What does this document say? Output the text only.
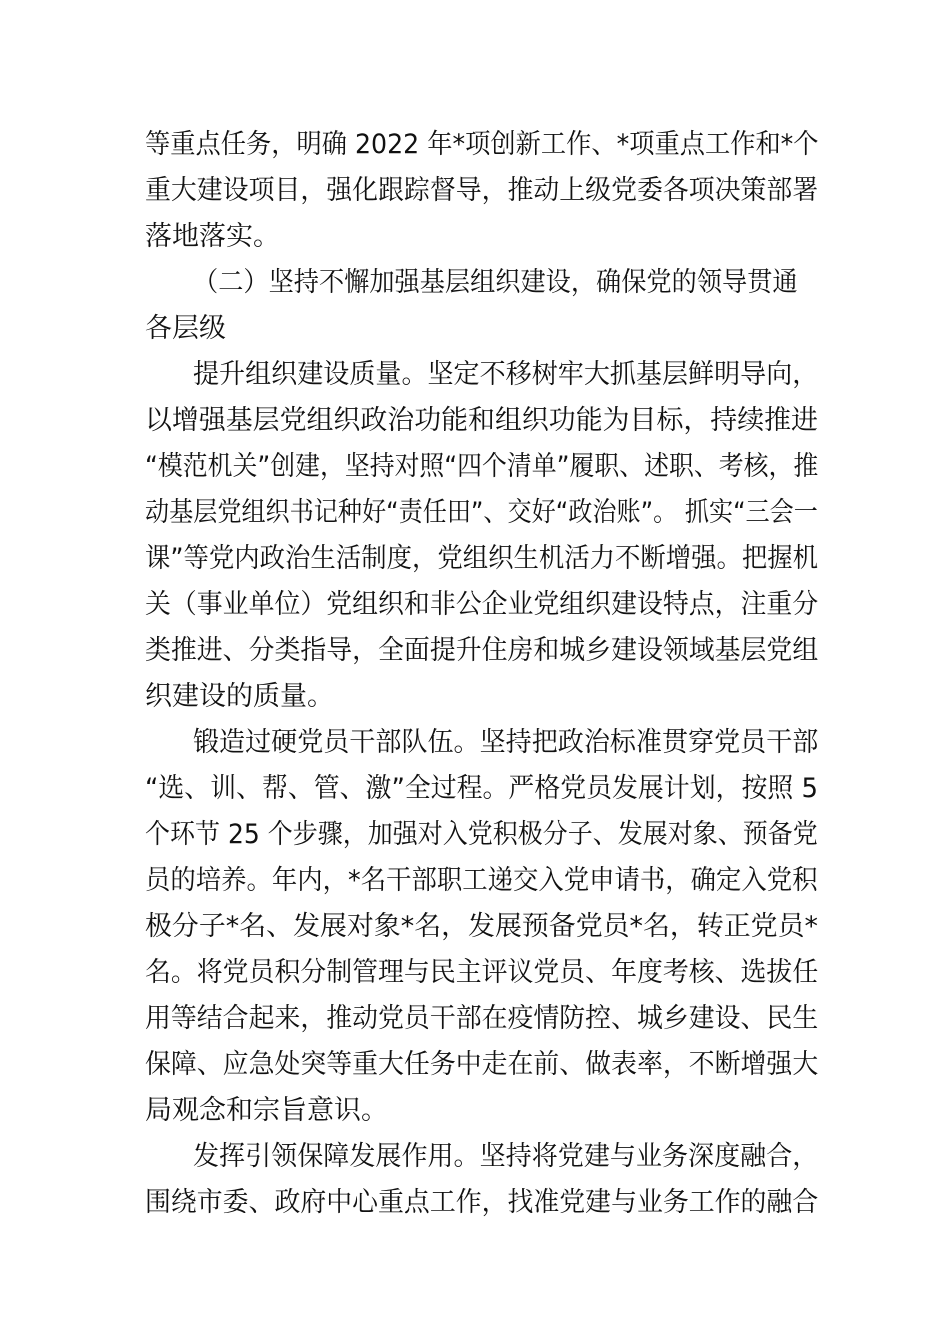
等重点任务，明确 2022 年*项创新工作、*项重点工作和*个
重大建设项目，强化跟踪督导，推动上级党委各项决策部署
落地落实。
（二）坚持不懈加强基层组织建设，确保党的领导贯通
各层级
提升组织建设质量。坚定不移树牢大抓基层鲜明导向，
以增强基层党组织政治功能和组织功能为目标，持续推进
“模范机关”创建，坚持对照“四个清单”履职、述职、考核，推
动基层党组织书记种好“责任田”、交好“政治账”。 抓实“三会一
课”等党内政治生活制度，党组织生机活力不断增强。把握机
关（事业单位）党组织和非公企业党组织建设特点，注重分
类推进、分类指导，全面提升住房和城乡建设领域基层党组
织建设的质量。
锻造过硬党员干部队伍。坚持把政治标准贯穿党员干部
“选、训、帮、管、激”全过程。严格党员发展计划，按照 5
个环节 25 个步骤，加强对入党积极分子、发展对象、预备党
员的培养。年内，*名干部职工递交入党申请书，确定入党积
极分子*名、发展对象*名，发展预备党员*名，转正党员*
名。将党员积分制管理与民主评议党员、年度考核、选拔任
用等结合起来，推动党员干部在疫情防控、城乡建设、民生
保障、应急处突等重大任务中走在前、做表率，不断增强大
局观念和宗旨意识。
发挥引领保障发展作用。坚持将党建与业务深度融合，
围绕市委、政府中心重点工作，找准党建与业务工作的融合
